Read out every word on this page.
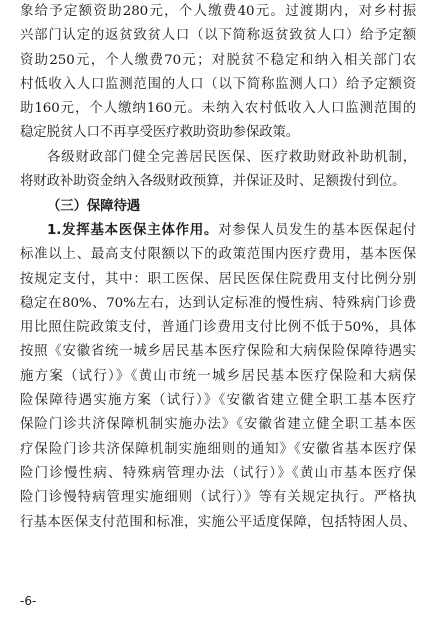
象给予定额资助280元，个人缴费40元。过渡期内，对乡村振
兴部门认定的返贫致贫人口（以下简称返贫致贫人口）给予定额
资助250元，个人缴费70元；对脱贫不稳定和纳入相关部门农
村低收入人口监测范围的人口（以下简称监测人口）给予定额资
助160元，个人缴纳160元。未纳入农村低收入人口监测范围的
稳定脱贫人口不再享受医疗救助资助参保政策。
各级财政部门健全完善居民医保、医疗救助财政补助机制，
将财政补助资金纳入各级财政预算，并保证及时、足额拨付到位。
（三）保障待遇
1.发挥基本医保主体作用。对参保人员发生的基本医保起付
标准以上、最高支付限额以下的政策范围内医疗费用，基本医保
按规定支付，其中：职工医保、居民医保住院费用支付比例分别
稳定在80%、70%左右，达到认定标准的慢性病、特殊病门诊费
用比照住院政策支付，普通门诊费用支付比例不低于50%，具体
按照《安徽省统一城乡居民基本医疗保险和大病保险保障待遇实
施方案（试行）》《黄山市统一城乡居民基本医疗保险和大病保
险保障待遇实施方案（试行）》《安徽省建立健全职工基本医疗
保险门诊共济保障机制实施办法》《安徽省建立健全职工基本医
疗保险门诊共济保障机制实施细则的通知》《安徽省基本医疗保
险门诊慢性病、特殊病管理办法（试行）》《黄山市基本医疗保
险门诊慢特病管理实施细则（试行）》等有关规定执行。严格执
行基本医保支付范围和标准，实施公平适度保障，包括特困人员、
-6-
